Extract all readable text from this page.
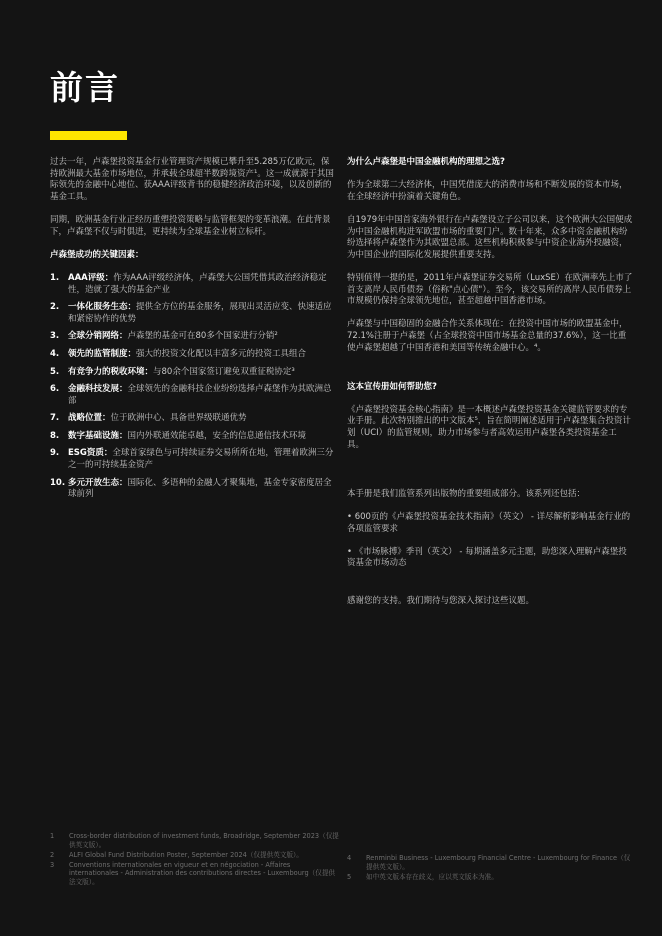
前言

过去一年，卢森堡投资基金行业管理资产规模已攀升至5.285万亿欧元，保持欧洲最大基金市场地位，并承载全球超半数跨境资产¹。这一成就源于其国际领先的金融中心地位、获AAA评级背书的稳健经济政治环境，以及创新的基金工具。

同期，欧洲基金行业正经历重塑投资策略与监管框架的变革浪潮。在此背景下，卢森堡不仅与时俱进，更持续为全球基金业树立标杆。

卢森堡成功的关键因素：

1. AAA评级：作为AAA评级经济体，卢森堡大公国凭借其政治经济稳定性，造就了强大的基金产业
2. 一体化服务生态：提供全方位的基金服务，展现出灵活应变、快速适应和紧密协作的优势
3. 全球分销网络：卢森堡的基金可在80多个国家进行分销²
4. 领先的监管制度：强大的投资文化配以丰富多元的投资工具组合
5. 有竞争力的税收环境：与80余个国家签订避免双重征税协定³
6. 金融科技发展：全球领先的金融科技企业纷纷选择卢森堡作为其欧洲总部
7. 战略位置：位于欧洲中心、具备世界级联通优势
8. 数字基础设施：国内外联通效能卓越，安全的信息通信技术环境
9. ESG资质：全球首家绿色与可持续证券交易所所在地，管理着欧洲三分之一的可持续基金资产
10. 多元开放生态：国际化、多语种的金融人才聚集地，基金专家密度居全球前列

为什么卢森堡是中国金融机构的理想之选?

作为全球第二大经济体，中国凭借庞大的消费市场和不断发展的资本市场，在全球经济中扮演着关键角色。

自1979年中国首家海外银行在卢森堡设立子公司以来，这个欧洲大公国便成为中国金融机构进军欧盟市场的重要门户。数十年来，众多中资金融机构纷纷选择将卢森堡作为其欧盟总部。这些机构积极参与中资企业海外投融资，为中国企业的国际化发展提供重要支持。

特别值得一提的是，2011年卢森堡证券交易所（LuxSE）在欧洲率先上市了首支离岸人民币债券（俗称"点心债"）。至今，该交易所的离岸人民币债券上市规模仍保持全球领先地位，甚至超越中国香港市场。

卢森堡与中国稳固的金融合作关系体现在：在投资中国市场的欧盟基金中，72.1%注册于卢森堡（占全球投资中国市场基金总量的37.6%），这一比重使卢森堡超越了中国香港和美国等传统金融中心。⁴。

这本宣传册如何帮助您?

《卢森堡投资基金核心指南》是一本概述卢森堡投资基金关键监管要求的专业手册。此次特别推出的中文版本⁵，旨在简明阐述适用于卢森堡集合投资计划（UCI）的监管规则，助力市场参与者高效运用卢森堡各类投资基金工具。

本手册是我们监管系列出版物的重要组成部分。该系列还包括：

• 600页的《卢森堡投资基金技术指南》（英文） - 详尽解析影响基金行业的各项监管要求

• 《市场脉搏》季刊（英文） - 每期涵盖多元主题，助您深入理解卢森堡投资基金市场动态

感谢您的支持。我们期待与您深入探讨这些议题。

1 Cross-border distribution of investment funds, Broadridge, September 2023（仅提供英文版）。
2 ALFI Global Fund Distribution Poster, September 2024（仅提供英文版）。
3 Conventions internationales en vigueur et en négociation - Affaires internationales - Administration des contributions directes - Luxembourg（仅提供法文版）。
4 Renminbi Business - Luxembourg Financial Centre - Luxembourg for Finance（仅提供英文版）。
5 如中英文版本存在歧义，应以英文版本为准。
